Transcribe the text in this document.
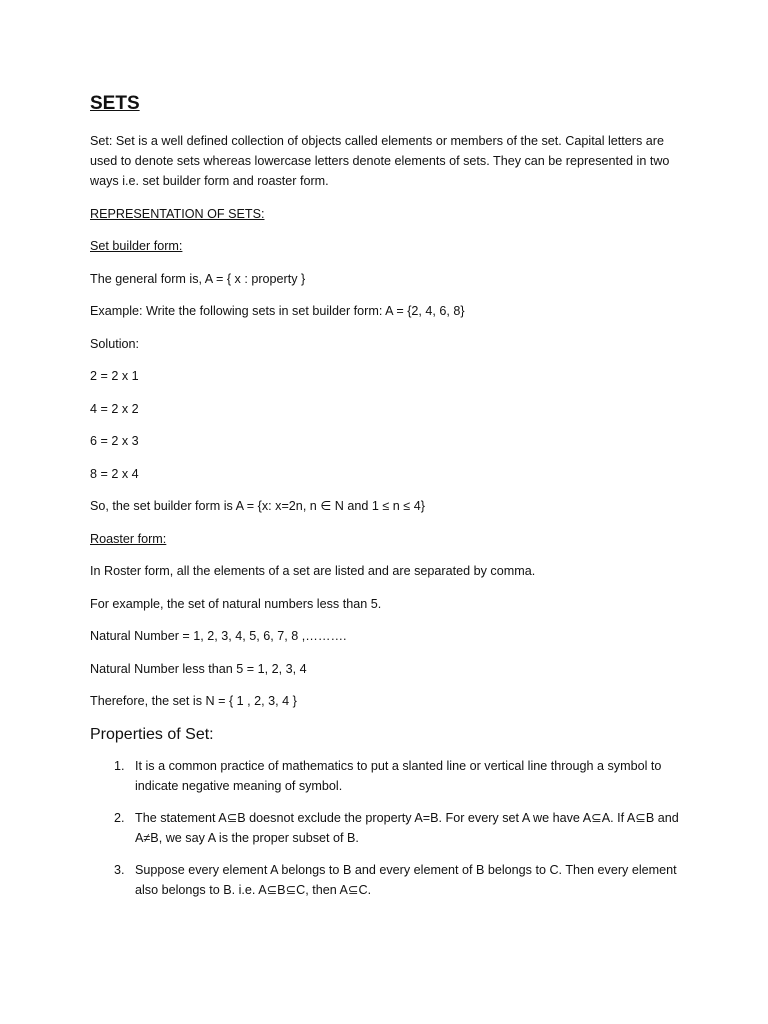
SETS
Set: Set is a well defined collection of objects called elements or members of the set. Capital letters are used to denote sets whereas lowercase letters denote elements of sets. They can be represented in two ways i.e. set builder form and roaster form.
REPRESENTATION OF SETS:
Set builder form:
The general form is, A = { x : property }
Example: Write the following sets in set builder form: A = {2, 4, 6, 8}
Solution:
2 = 2 x 1
4 = 2 x 2
6 = 2 x 3
8 = 2 x 4
So, the set builder form is A = {x: x=2n, n ∈ N and 1 ≤ n ≤ 4}
Roaster form:
In Roster form, all the elements of a set are listed and are separated by comma.
For example, the set of natural numbers less than 5.
Natural Number = 1, 2, 3, 4, 5, 6, 7, 8 ,……….
Natural Number less than 5 = 1, 2, 3, 4
Therefore, the set is N = { 1 , 2, 3, 4 }
Properties of Set:
1. It is a common practice of mathematics to put a slanted line or vertical line through a symbol to indicate negative meaning of symbol.
2. The statement A⊆B doesnot exclude the property A=B. For every set A we have A⊆A. If A⊆B and A≠B, we say A is the proper subset of B.
3. Suppose every element A belongs to B and every element of B belongs to C. Then every element also belongs to B. i.e. A⊆B⊆C, then A⊆C.
